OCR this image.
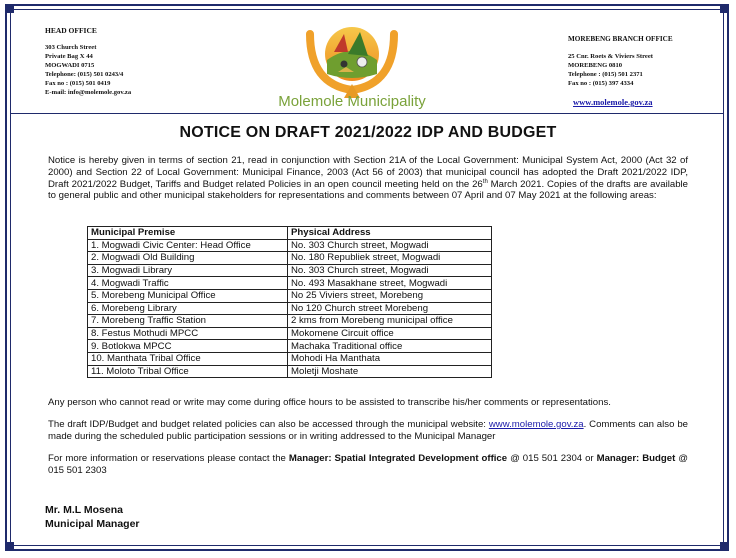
HEAD OFFICE
303 Church Street
Private Bag X 44
MOGWADI 0715
Telephone: (015) 501 0243/4
Fax no : (015) 501 0419
E-mail: info@molemole.gov.za
Molemole Municipality
MOREBENG BRANCH OFFICE
25 Cnr. Roets & Viviers Street
MOREBENG 0810
Telephone : (015) 501 2371
Fax no : (015) 397 4334
www.molemole.gov.za
NOTICE ON DRAFT 2021/2022 IDP AND BUDGET
Notice is hereby given in terms of section 21, read in conjunction with Section 21A of the Local Government: Municipal System Act, 2000 (Act 32 of 2000) and Section 22 of Local Government: Municipal Finance, 2003 (Act 56 of 2003) that municipal council has adopted the Draft 2021/2022 IDP, Draft 2021/2022 Budget, Tariffs and Budget related Policies in an open council meeting held on the 26th March 2021. Copies of the drafts are available to general public and other municipal stakeholders for representations and comments between 07 April and 07 May 2021 at the following areas:
Municipal Premise	Physical Address
1. Mogwadi Civic Center: Head Office	No. 303 Church street, Mogwadi
2. Mogwadi Old Building	No. 180 Republiek street, Mogwadi
3. Mogwadi Library	No. 303 Church street, Mogwadi
4. Mogwadi Traffic	No. 493 Masakhane street, Mogwadi
5. Morebeng Municipal Office	No 25 Viviers street, Morebeng
6. Morebeng Library	No 120 Church street Morebeng
7. Morebeng Traffic Station	2 kms from Morebeng municipal office
8. Festus Mothudi MPCC	Mokomene Circuit office
9. Botlokwa MPCC	Machaka Traditional office
10. Manthata Tribal Office	Mohodi Ha Manthata
11. Moloto Tribal Office	Moletji Moshate
Any person who cannot read or write may come during office hours to be assisted to transcribe his/her comments or representations.
The draft IDP/Budget and budget related policies can also be accessed through the municipal website: www.molemole.gov.za. Comments can also be made during the scheduled public participation sessions or in writing addressed to the Municipal Manager
For more information or reservations please contact the Manager: Spatial Integrated Development office @ 015 501 2304 or Manager: Budget @ 015 501 2303
Mr. M.L Mosena
Municipal Manager
